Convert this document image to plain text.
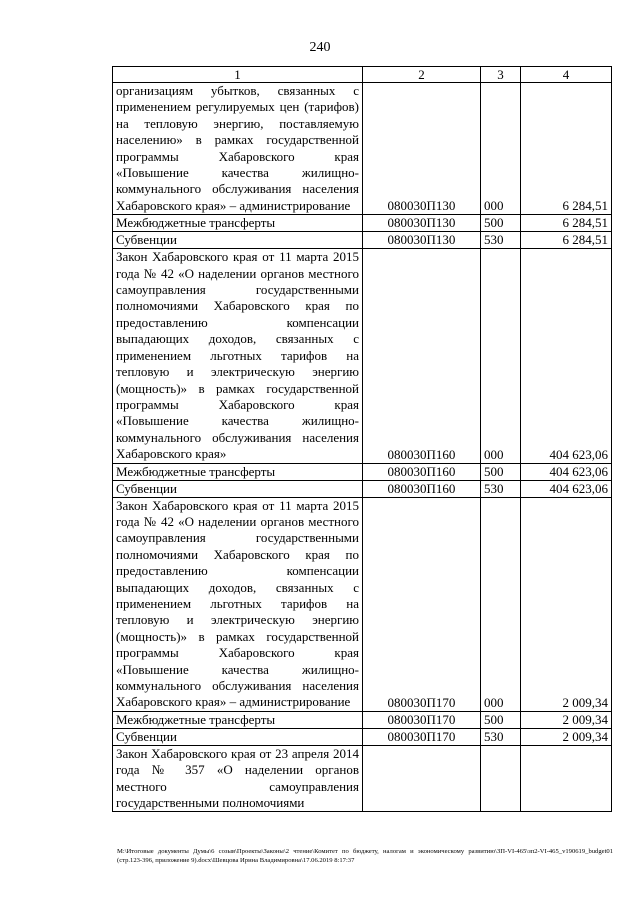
240
1	2	3	4
организациям убытков, связанных с применением регулируемых цен (тарифов) на тепловую энергию, поставляемую населению» в рамках государственной программы Хабаровского края «Повышение качества жилищно-коммунального обслуживания населения Хабаровского края» – администрирование	080030П130	000	6 284,51
Межбюджетные трансферты	080030П130	500	6 284,51
Субвенции	080030П130	530	6 284,51
Закон Хабаровского края от 11 марта 2015 года № 42 «О наделении органов местного самоуправления государственными полномочиями Хабаровского края по предоставлению компенсации выпадающих доходов, связанных с применением льготных тарифов на тепловую и электрическую энергию (мощность)» в рамках государственной программы Хабаровского края «Повышение качества жилищно-коммунального обслуживания населения Хабаровского края»	080030П160	000	404 623,06
Межбюджетные трансферты	080030П160	500	404 623,06
Субвенции	080030П160	530	404 623,06
Закон Хабаровского края от 11 марта 2015 года № 42 «О наделении органов местного самоуправления государственными полномочиями Хабаровского края по предоставлению компенсации выпадающих доходов, связанных с применением льготных тарифов на тепловую и электрическую энергию (мощность)» в рамках государственной программы Хабаровского края «Повышение качества жилищно-коммунального обслуживания населения Хабаровского края» – администрирование	080030П170	000	2 009,34
Межбюджетные трансферты	080030П170	500	2 009,34
Субвенции	080030П170	530	2 009,34
Закон Хабаровского края от 23 апреля 2014 года № 357 «О наделении органов местного самоуправления государственными полномочиями			
M:\Итоговые документы Думы\6 созыв\Проекты\Законы\2 чтение\Комитет по бюджету, налогам и экономическому развитию\ЗП-VI-465\зп2-VI-465_v190619_budget01 (стр.123-396, приложение 9).docx\Шевцова Ирина Владимировна\17.06.2019 8:17:37
